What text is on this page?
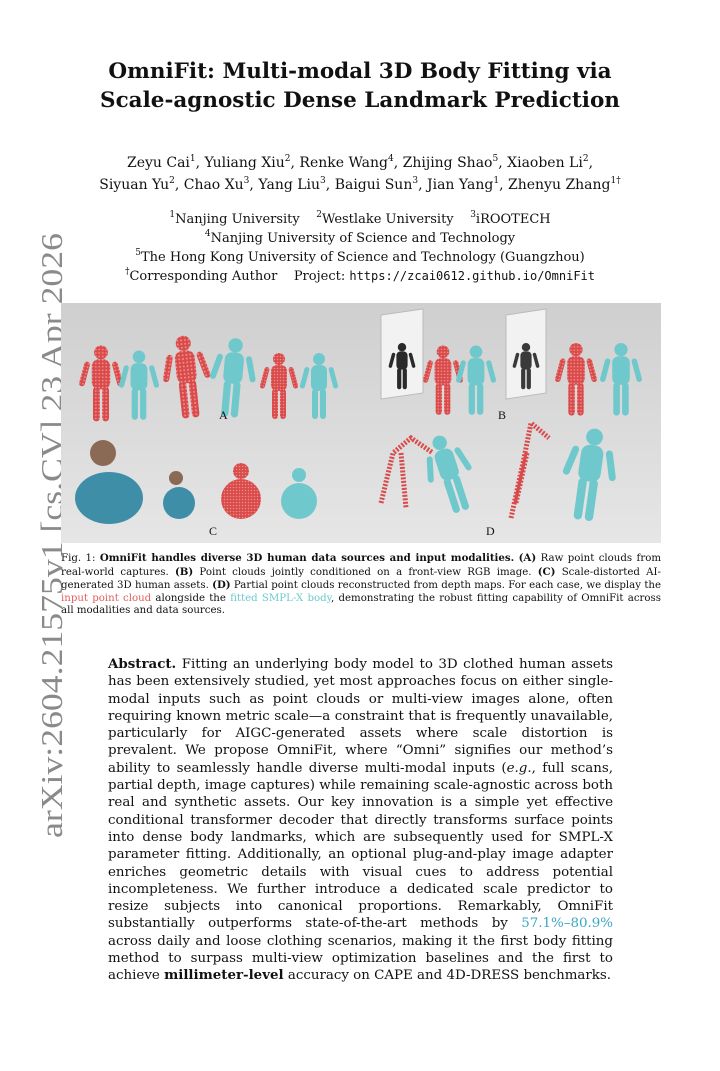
arXiv:2604.21575v1 [cs.CV] 23 Apr 2026
OmniFit: Multi-modal 3D Body Fitting via
Scale-agnostic Dense Landmark Prediction
Zeyu Cai$^1$, Yuliang Xiu$^2$, Renke Wang$^4$, Zhijing Shao$^5$, Xiaoben Li$^2$,
Siyuan Yu$^2$, Chao Xu$^3$, Yang Liu$^3$, Baigui Sun$^3$, Jian Yang$^1$, Zhenyu Zhang$^{1\dagger}$
$^1$Nanjing University $^2$Westlake University $^3$iROOTECH
$^4$Nanjing University of Science and Technology
$^5$The Hong Kong University of Science and Technology (Guangzhou)
†Corresponding Author Project: https://zcai0612.github.io/OmniFit
A	B
C	D
Fig. 1: OmniFit handles diverse 3D human data sources and input modalities. (A) Raw point clouds from real-world captures. (B) Point clouds jointly conditioned on a front-view RGB image. (C) Scale-distorted AI-generated 3D human assets. (D) Partial point clouds reconstructed from depth maps. For each case, we display the input point cloud alongside the fitted SMPL-X body, demonstrating the robust fitting capability of OmniFit across all modalities and data sources.
Abstract. Fitting an underlying body model to 3D clothed human assets has been extensively studied, yet most approaches focus on either single-modal inputs such as point clouds or multi-view images alone, often requiring known metric scale—a constraint that is frequently unavailable, particularly for AIGC-generated assets where scale distortion is prevalent. We propose OmniFit, where “Omni” signifies our method’s ability to seamlessly handle diverse multi-modal inputs (e.g., full scans, partial depth, image captures) while remaining scale-agnostic across both real and synthetic assets. Our key innovation is a simple yet effective conditional transformer decoder that directly transforms surface points into dense body landmarks, which are subsequently used for SMPL-X parameter fitting. Additionally, an optional plug-and-play image adapter enriches geometric details with visual cues to address potential incompleteness. We further introduce a dedicated scale predictor to resize subjects into canonical proportions. Remarkably, OmniFit substantially outperforms state-of-the-art methods by 57.1%–80.9% across daily and loose clothing scenarios, making it the first body fitting method to surpass multi-view optimization baselines and the first to achieve millimeter-level accuracy on CAPE and 4D-DRESS benchmarks.
